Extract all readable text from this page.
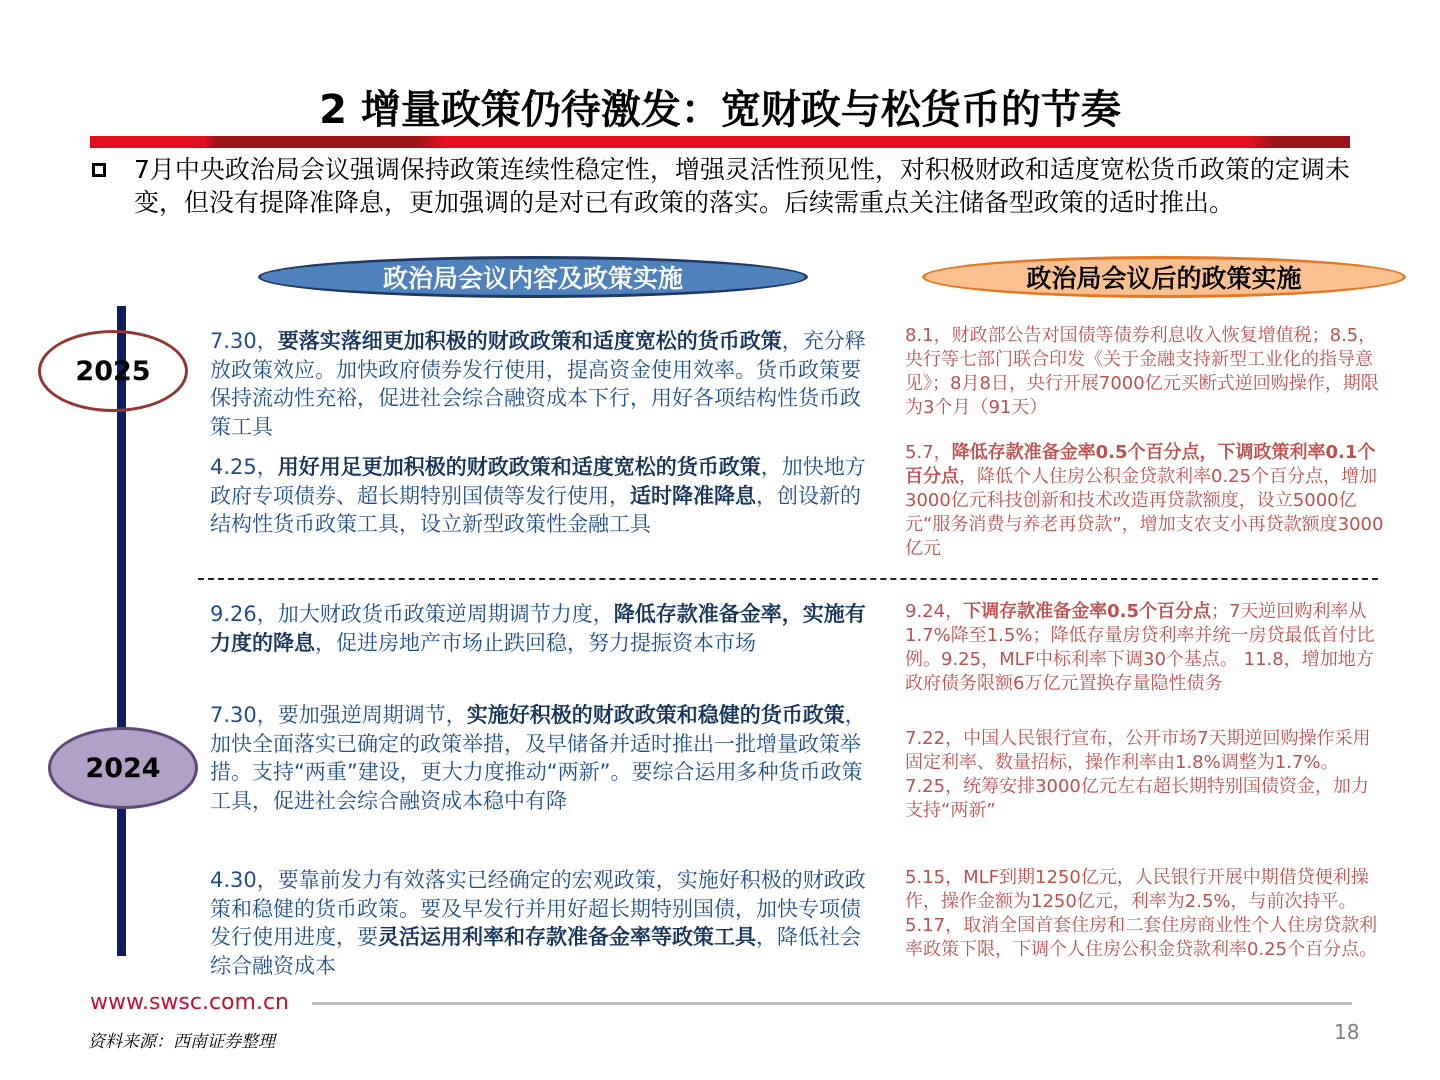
2 增量政策仍待激发：宽财政与松货币的节奏
7月中央政治局会议强调保持政策连续性稳定性，增强灵活性预见性，对积极财政和适度宽松货币政策的定调未变，但没有提降准降息，更加强调的是对已有政策的落实。后续需重点关注储备型政策的适时推出。
政治局会议内容及政策实施	政治局会议后的政策实施
2025
2024
7.30，要落实落细更加积极的财政政策和适度宽松的货币政策，充分释放政策效应。加快政府债券发行使用，提高资金使用效率。货币政策要保持流动性充裕，促进社会综合融资成本下行，用好各项结构性货币政策工具
4.25，用好用足更加积极的财政政策和适度宽松的货币政策，加快地方政府专项债券、超长期特别国债等发行使用，适时降准降息，创设新的结构性货币政策工具，设立新型政策性金融工具
9.26，加大财政货币政策逆周期调节力度，降低存款准备金率，实施有力度的降息，促进房地产市场止跌回稳，努力提振资本市场
7.30，要加强逆周期调节，实施好积极的财政政策和稳健的货币政策，加快全面落实已确定的政策举措，及早储备并适时推出一批增量政策举措。支持“两重”建设，更大力度推动“两新”。要综合运用多种货币政策工具，促进社会综合融资成本稳中有降
4.30，要靠前发力有效落实已经确定的宏观政策，实施好积极的财政政策和稳健的货币政策。要及早发行并用好超长期特别国债，加快专项债发行使用进度，要灵活运用利率和存款准备金率等政策工具，降低社会综合融资成本
8.1，财政部公告对国债等债券利息收入恢复增值税；8.5，央行等七部门联合印发《关于金融支持新型工业化的指导意见》；8月8日，央行开展7000亿元买断式逆回购操作，期限为3个月（91天）
5.7，降低存款准备金率0.5个百分点，下调政策利率0.1个百分点，降低个人住房公积金贷款利率0.25个百分点，增加3000亿元科技创新和技术改造再贷款额度，设立5000亿元“服务消费与养老再贷款”，增加支农支小再贷款额度3000亿元
9.24，下调存款准备金率0.5个百分点；7天逆回购利率从1.7%降至1.5%；降低存量房贷利率并统一房贷最低首付比例。9.25，MLF中标利率下调30个基点。 11.8，增加地方政府债务限额6万亿元置换存量隐性债务
7.22，中国人民银行宣布，公开市场7天期逆回购操作采用固定利率、数量招标，操作利率由1.8%调整为1.7%。7.25，统筹安排3000亿元左右超长期特别国债资金，加力支持“两新”
5.15，MLF到期1250亿元，人民银行开展中期借贷便利操作，操作金额为1250亿元，利率为2.5%，与前次持平。5.17，取消全国首套住房和二套住房商业性个人住房贷款利率政策下限，下调个人住房公积金贷款利率0.25个百分点。
www.swsc.com.cn
资料来源：西南证券整理	18
